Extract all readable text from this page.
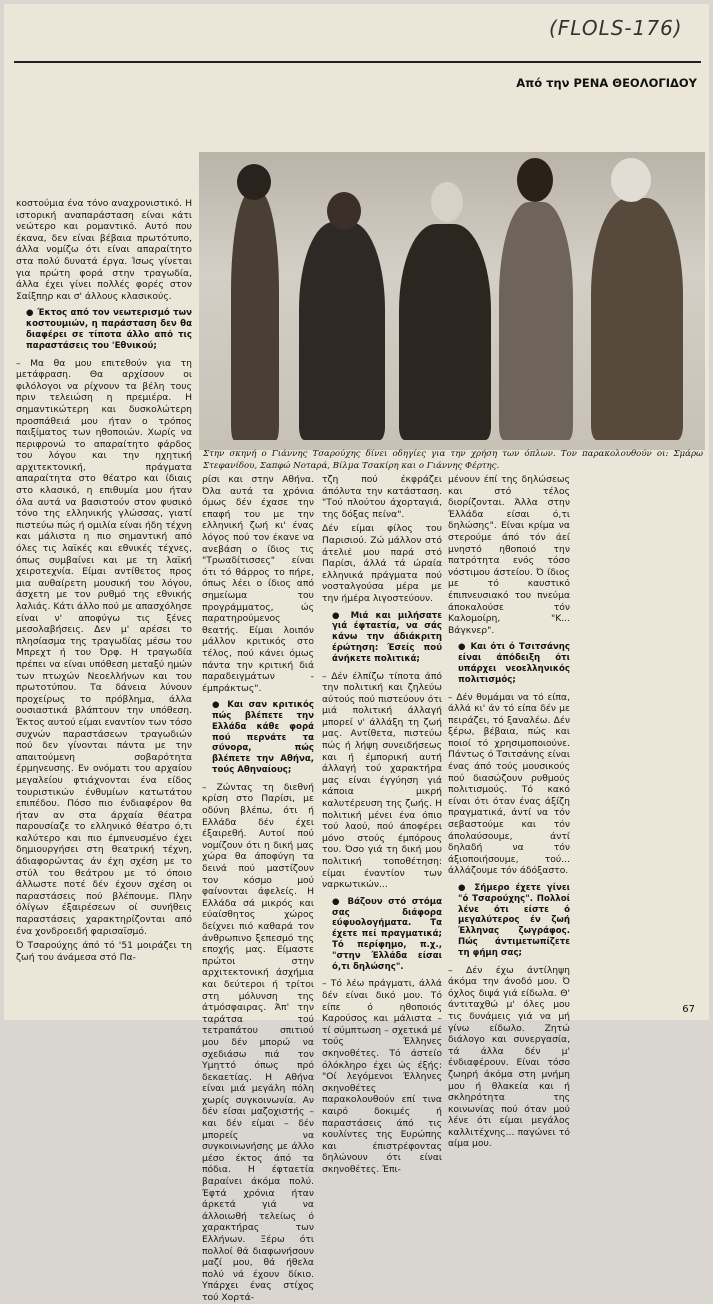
(FLOLS-176)
Από την ΡΕΝΑ ΘΕΟΛΟΓΙΔΟΥ
Στην σκηνή ο Γιάννης Τσαρούχης δίνει οδηγίες για την χρήση των όπλων. Τον παρακολουθούν οι: Σμάρω Στεφανίδου, Σαπφώ Νοταρά, Βίλμα Τσακίρη και ο Γιάννης Φέρτης.

κοστούμια ένα τόνο αναχρονιστικό. Η ιστορική αναπαράσταση είναι κάτι νεώτερο και ρομαντικό. Αυτό που έκανα, δεν είναι βέβαια πρωτότυπο, άλλα νομίζω ότι είναι απαραίτητο στα πολύ δυνατά έργα. Ίσως γίνεται για πρώτη φορά στην τραγωδία, άλλα έχει γίνει πολλές φορές στον Σαίξπηρ και σ' άλλους κλασικούς.

● Έκτος από τον νεωτερισμό των κοστουμιών, η παράσταση δεν θα διαφέρει σε τίποτα άλλο από τις παραστάσεις του 'Εθνικού;

– Μα θα μου επιτεθούν για τη μετάφραση. Θα αρχίσουν οι φιλόλογοι να ρίχνουν τα βέλη τους πριν τελειώση η πρεμιέρα. Η σημαντικώτερη και δυσκολώτερη προσπάθειά μου ήταν ο τρόπος παιξίματος των ηθοποιών. Χωρίς να περιφρονώ το απαραίτητο φάρδος του λόγου και την ηχητική αρχιτεκτονική, πράγματα απαραίτητα στο θέατρο και ίδιαις στο κλασικό, η επιθυμία μου ήταν όλα αυτά να βασιστούν στον φυσικό τόνο της ελληνικής γλώσσας, γιατί πιστεύω πώς ή ομιλία είναι ήδη τέχνη και μάλιστα η πιο σημαντική από όλες τις λαϊκές και εθνικές τέχνες, όπως συμβαίνει και με τη λαϊκή χειροτεχνία. Είμαι αντίθετος προς μια αυθαίρετη μουσική του λόγου, άσχετη με τον ρυθμό της εθνικής λαλιάς. Κάτι άλλο πού με απασχόλησε είναι ν' αποφύγω τις ξένες μεσολαβήσεις. Δεν μ' αρέσει το πλησίασμα της τραγωδίας μέσω του Μπρεχτ ή του Όρφ. Η τραγωδία πρέπει να είναι υπόθεση μεταξύ ημών των πτωχών Νεοελλήνων και του πρωτοτύπου. Τα δάνεια λύνουν προχείρως το πρόβλημα, άλλα ουσιαστικά βλάπτουν την υπόθεση. Έκτος αυτού είμαι εναντίον των τόσο συχνών παραστάσεων τραγωδιών πού δεν γίνονται πάντα με την απαιτούμενη σοβαρότητα έρμηνευσης. Εν ονόματι του αρχαίου μεγαλείου φτιάχνονται ένα είδος τουριστικών ένθυμίων κατωτάτου επιπέδου. Πόσο πιο ένδιαφέρον θα ήταν αν στα άρχαία θέατρα παρουσίαζε το ελληνικό θέατρο ό,τι καλύτερο και πιο έμπνευσμένο έχει δημιουργήσει στη θεατρική τέχνη, άδιαφορώντας άν έχη σχέση με το στύλ του θεάτρου με τό όποιο άλλωστε ποτέ δέν έχουν σχέση οι παραστάσεις πού βλέπουμε. Πλην όλίγων έξαιρέσεων οί συνήθεις παραστάσεις χαρακτηρίζονται από ένα χονδροειδή φαρισαϊσμό.

Ό Τσαρούχης άπό τό '51 μοιράζει τη ζωή του άνάμεσα στό Πα-

ρίσι και στην Αθήνα. Όλα αυτά τα χρόνια όμως δέν έχασε την επαφή του με την ελληνική ζωή κι' ένας λόγος πού τον έκανε να ανεβάση ο ίδιος τις "Τρωαδίτισσες" είναι ότι τό θάρρος το πήρε, όπως λέει ο ίδιος από σημείωμα του προγράμματος, ώς παρατηρούμενος θεατής. Είμαι λοιπόν μάλλον κριτικός στο τέλος, πού κάνει όμως πάντα την κριτική διά παραδειγμάτων - έμπράκτως".

● Και σαν κριτικός πώς βλέπετε την Ελλάδα κάθε φορά πού περνάτε τα σύνορα, πώς βλέπετε την Αθήνα, τούς Αθηναίους;

– Ζώντας τη διεθνή κρίση στο Παρίσι, με οδύνη βλέπω, ότι ή Ελλάδα δέν έχει έξαιρεθή. Αυτοί πού νομίζουν ότι η δική μας χώρα θα άποφύγη τα δεινά πού μαστίζουν τον κόσμο μού φαίνονται άφελείς. Η Ελλάδα σά μικρός και εύαίσθητος χώρος δείχνει πιό καθαρά τον άνθρωπινο ξεπεσμό της εποχής μας. Είμαστε πρώτοι στην αρχιτεκτονική άσχήμια και δεύτεροι ή τρίτοι στη μόλυνση της άτμόσφαιρας. Άπ' την ταράτσα τού τετραπάτου σπιτιού μου δέν μπορώ να σχεδιάσω πιά τον Υμηττό όπως πρό δεκαετίας. Η Αθήνα είναι μιά μεγάλη πόλη χωρίς συγκοινωνία. Αν δέν είσαι μαζοχιστής – και δέν είμαι – δέν μπορείς να συγκοινωνήσης με άλλο μέσο έκτος άπό τα πόδια. Η έφταετία βαραίνει άκόμα πολύ. Έφτά χρόνια ήταν άρκετά γιά να άλλοιωθή τελείως ό χαρακτήρας των Ελλήνων. Ξέρω ότι πολλοί θά διαφωνήσουν μαζί μου, θά ήθελα πολύ νά έχουν δίκιο. Υπάρχει ένας στίχος τού Χορτά-

τζη πού έκφράζει άπόλυτα την κατάσταση. "Τού πλούτου άχορταγιά, της δόξας πείνα".

Δέν είμαι φίλος του Παρισιού. Ζώ μάλλον στό άτελιέ μου παρά στό Παρίσι, άλλά τά ώραία ελληνικά πράγματα πού νοσταλγούσα μέρα με την ήμέρα λιγοστεύουν.

● Μιά και μιλήσατε γιά έφταετία, να σάς κάνω την άδιάκριτη έρώτηση: Έσείς πού άνήκετε πολιτικά;

– Δέν έλπίζω τίποτα άπό την πολιτική και ζηλεύω αύτούς πού πιστεύουν ότι μιά πολιτική άλλαγή μπορεί ν' άλλάξη τη ζωή μας. Αντίθετα, πιστεύω πώς ή λήψη συνειδήσεως και ή έμπορική αυτή άλλαγή τού χαρακτήρα μας είναι έγγύηση γιά κάποια μικρή καλυτέρευση της ζωής. Η πολιτική μένει ένα όπιο τού λαού, πού άποφέρει μόνο στούς έμπόρους του. Όσο γιά τη δική μου πολιτική τοποθέτηση: είμαι έναντίον των ναρκωτικών...

● Βάζουν στό στόμα σας διάφορα εύφυολογήματα. Τα έχετε πεί πραγματικά; Τό περίφημο, π.χ., "στην Έλλάδα είσαι ό,τι δηλώσης".

– Τό λέω πράγματι, άλλά δέν είναι δικό μου. Τό είπε ό ηθοποιός Καρούσος και μάλιστα – τί σύμπτωση – σχετικά μέ τούς Έλληνες σκηνοθέτες. Τό άστείο όλόκληρο έχει ώς έξής: "Οί λεγόμενοι Έλληνες σκηνοθέτες παρακολουθούν επί τινα καιρό δοκιμές ή παραστάσεις άπό τις κουλίντες της Ευρώπης και έπιστρέφοντας δηλώνουν ότι είναι σκηνοθέτες. Έπι-

μένουν έπί της δηλώσεως και στό τέλος διορίζονται. Άλλα στην Έλλάδα είσαι ό,τι δηλώσης". Είναι κρίμα να στερούμε άπό τόν άεί μνηστό ηθοποιό την πατρότητα ενός τόσο νόστιμου άστείου. Ό ίδιος με τό καυστικό έπιπνευσιακό του πνεύμα άποκαλούσε τόν Καλομοίρη, "Κ... Βάγκνερ".

● Και ότι ό Τσιτσάνης είναι άπόδειξη ότι υπάρχει νεοελληνικός πολιτισμός;

– Δέν θυμάμαι να τό είπα, άλλά κι' άν τό είπα δέν με πειράζει, τό ξαναλέω. Δέν ξέρω, βέβαια, πώς και ποιοί τό χρησιμοποιούνε. Πάντως ό Τσιτσάνης είναι ένας άπό τούς μουσικούς πού διασώζουν ρυθμούς πολιτισμούς. Τό κακό είναι ότι όταν ένας άξίζη πραγματικά, άντί να τόν σεβαστούμε και τόν άπολαύσουμε, άντί δηλαδή να τόν άξιοποιήσουμε, τού... άλλάζουμε τόν άδόξαστο.

● Σήμερο έχετε γίνει "ό Τσαρούχης". Πολλοί λένε ότι είστε ό μεγαλύτερος έν ζωή Έλληνας ζωγράφος. Πώς άντιμετωπίζετε τη φήμη σας;

– Δέν έχω άντίληψη άκόμα την άνοδό μου. Ό όχλος διψά γιά είδωλα. Θ' άντιταχθώ μ' όλες μου τις δυνάμεις γιά να μή γίνω είδωλο. Ζητώ διάλογο και συνεργασία, τά άλλα δέν μ' ένδιαφέρουν. Είναι τόσο ζωηρή άκόμα στη μνήμη μου ή θλακεία και ή σκληρότητα της κοινωνίας πού όταν μού λένε ότι είμαι μεγάλος καλλιτέχνης... παγώνει τό αίμα μου.

67
